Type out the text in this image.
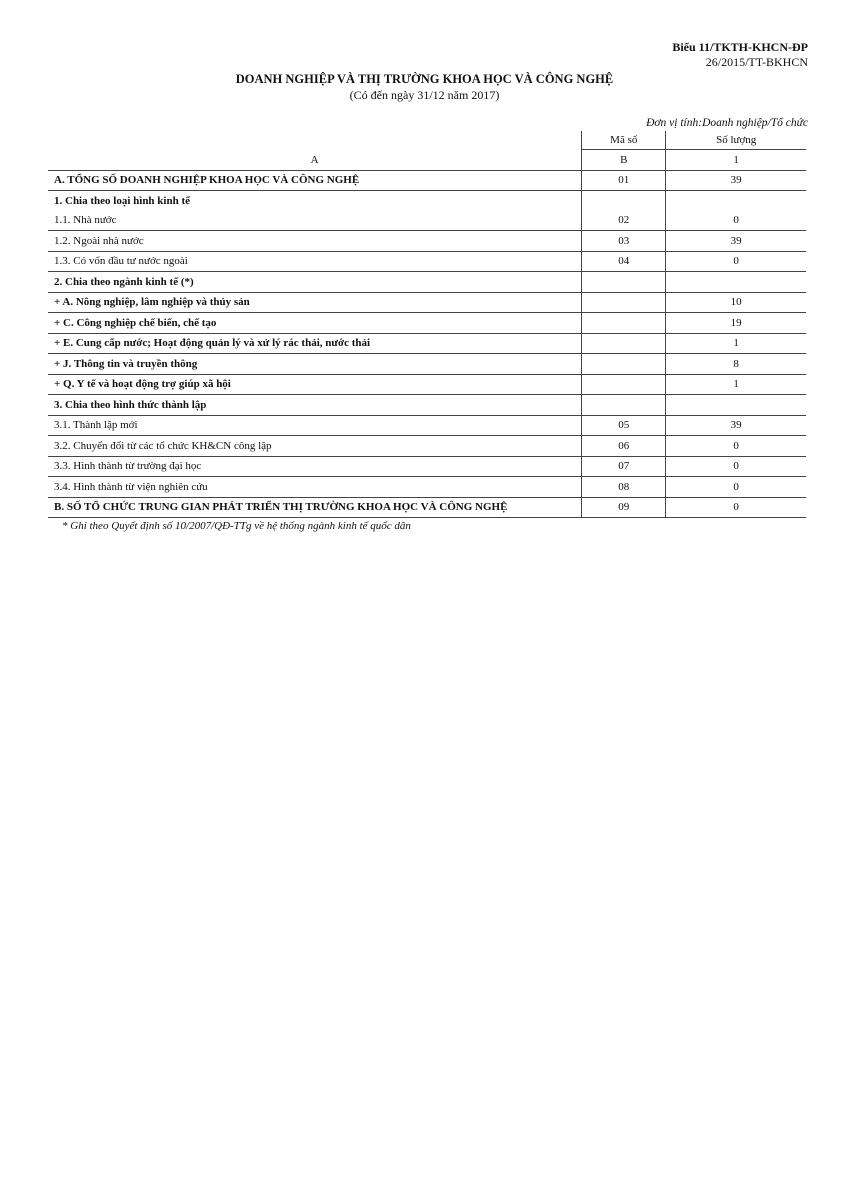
Biểu 11/TKTH-KHCN-ĐP
26/2015/TT-BKHCN
DOANH NGHIỆP VÀ THỊ TRƯỜNG KHOA HỌC VÀ CÔNG NGHỆ
(Có đến ngày 31/12 năm 2017)
Đơn vị tính:Doanh nghiệp/Tổ chức
	Mã số	Số lượng
A	B	1
A. TỔNG SỐ DOANH NGHIỆP KHOA HỌC VÀ CÔNG NGHỆ	01	39
1. Chia theo loại hình kinh tế		
1.1. Nhà nước	02	0
1.2. Ngoài nhà nước	03	39
1.3. Có vốn đầu tư nước ngoài	04	0
2. Chia theo ngành kinh tế (*)		
+ A. Nông nghiệp, lâm nghiệp và thủy sản		10
+ C. Công nghiệp chế biến, chế tạo		19
+ E. Cung cấp nước; Hoạt động quản lý và xử lý rác thải, nước thải		1
+ J. Thông tin và truyền thông		8
+ Q. Y tế và hoạt động trợ giúp xã hội		1
3. Chia theo hình thức thành lập		
3.1. Thành lập mới	05	39
3.2. Chuyển đổi từ các tổ chức KH&CN công lập	06	0
3.3. Hình thành từ trường đại học	07	0
3.4. Hình thành từ viện nghiên cứu	08	0
B. SỐ TỔ CHỨC TRUNG GIAN PHÁT TRIỂN THỊ TRƯỜNG KHOA HỌC VÀ CÔNG NGHỆ	09	0
* Ghi theo Quyết định số 10/2007/QĐ-TTg về hệ thống ngành kinh tế quốc dân
